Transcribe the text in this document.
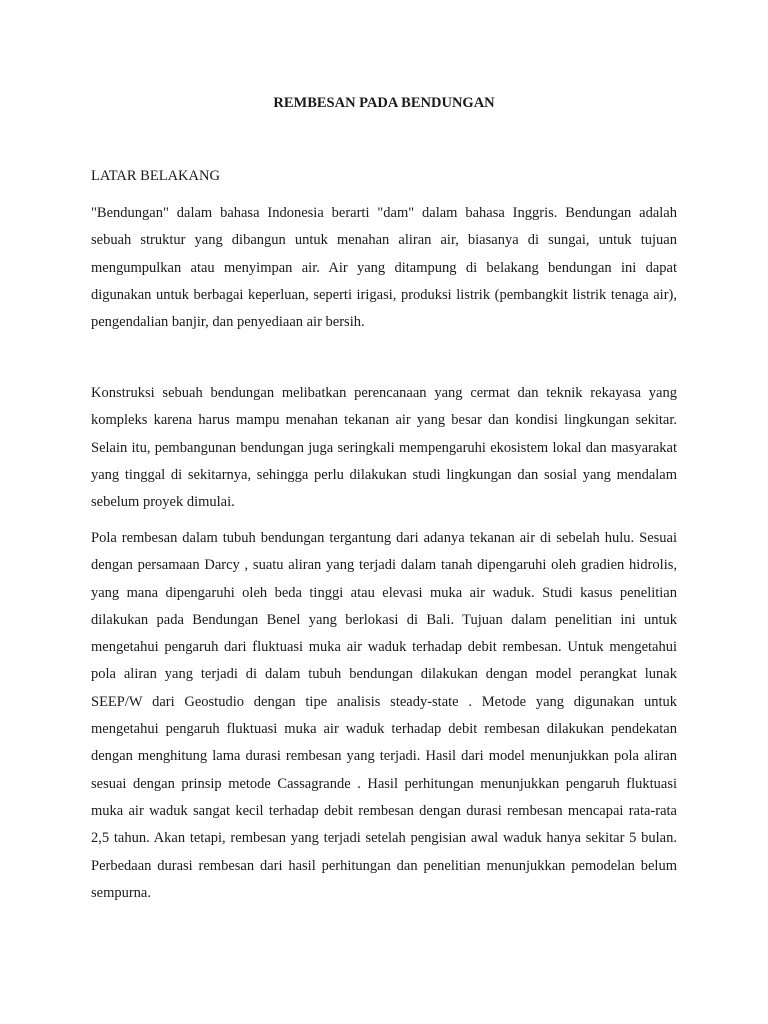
REMBESAN PADA BENDUNGAN
LATAR BELAKANG

"Bendungan" dalam bahasa Indonesia berarti "dam" dalam bahasa Inggris. Bendungan adalah sebuah struktur yang dibangun untuk menahan aliran air, biasanya di sungai, untuk tujuan mengumpulkan atau menyimpan air. Air yang ditampung di belakang bendungan ini dapat digunakan untuk berbagai keperluan, seperti irigasi, produksi listrik (pembangkit listrik tenaga air), pengendalian banjir, dan penyediaan air bersih.

Konstruksi sebuah bendungan melibatkan perencanaan yang cermat dan teknik rekayasa yang kompleks karena harus mampu menahan tekanan air yang besar dan kondisi lingkungan sekitar. Selain itu, pembangunan bendungan juga seringkali mempengaruhi ekosistem lokal dan masyarakat yang tinggal di sekitarnya, sehingga perlu dilakukan studi lingkungan dan sosial yang mendalam sebelum proyek dimulai.

Pola rembesan dalam tubuh bendungan tergantung dari adanya tekanan air di sebelah hulu. Sesuai dengan persamaan Darcy , suatu aliran yang terjadi dalam tanah dipengaruhi oleh gradien hidrolis, yang mana dipengaruhi oleh beda tinggi atau elevasi muka air waduk. Studi kasus penelitian dilakukan pada Bendungan Benel yang berlokasi di Bali. Tujuan dalam penelitian ini untuk mengetahui pengaruh dari fluktuasi muka air waduk terhadap debit rembesan. Untuk mengetahui pola aliran yang terjadi di dalam tubuh bendungan dilakukan dengan model perangkat lunak SEEP/W dari Geostudio dengan tipe analisis steady-state . Metode yang digunakan untuk mengetahui pengaruh fluktuasi muka air waduk terhadap debit rembesan dilakukan pendekatan dengan menghitung lama durasi rembesan yang terjadi. Hasil dari model menunjukkan pola aliran sesuai dengan prinsip metode Cassagrande . Hasil perhitungan menunjukkan pengaruh fluktuasi muka air waduk sangat kecil terhadap debit rembesan dengan durasi rembesan mencapai rata-rata 2,5 tahun. Akan tetapi, rembesan yang terjadi setelah pengisian awal waduk hanya sekitar 5 bulan. Perbedaan durasi rembesan dari hasil perhitungan dan penelitian menunjukkan pemodelan belum sempurna.
